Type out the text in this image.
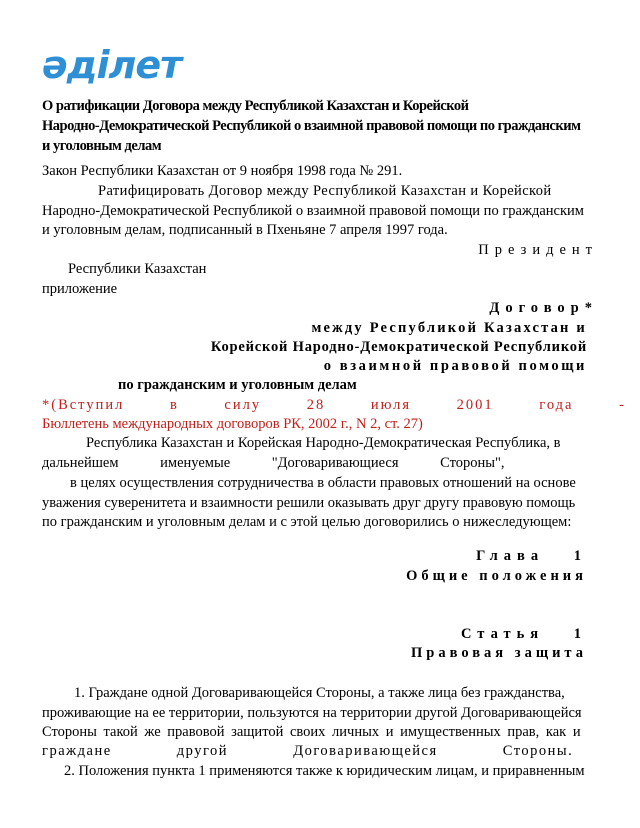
әділет
О ратификации Договора между Республикой Казахстан и Корейской
Народно-Демократической Республикой о взаимной правовой помощи по гражданским
и уголовным делам
Закон Республики Казахстан от 9 ноября 1998 года № 291.
Ратифицировать Договор между Республикой Казахстан и Корейской
Народно-Демократической Республикой о взаимной правовой помощи по гражданским
и уголовным делам, подписанный в Пхеньяне 7 апреля 1997 года.
Президент
Республики Казахстан
приложение
Договор*
между Республикой Казахстан и
Корейской Народно-Демократической Республикой
о взаимной правовой помощи
по гражданским и уголовным делам
*(Вступил в силу 28 июля 2001 года -
Бюллетень международных договоров РК, 2002 г., N 2, ст. 27)
Республика Казахстан и Корейская Народно-Демократическая Республика, в
дальнейшем именуемые "Договаривающиеся Стороны",
в целях осуществления сотрудничества в области правовых отношений на основе
уважения суверенитета и взаимности решили оказывать друг другу правовую помощь
по гражданским и уголовным делам и с этой целью договорились о нижеследующем:
Глава 1
Общие положения
Статья 1
Правовая защита
1. Граждане одной Договаривающейся Стороны, а также лица без гражданства,
проживающие на ее территории, пользуются на территории другой Договаривающейся
Стороны такой же правовой защитой своих личных и имущественных прав, как и
граждане другой Договаривающейся Стороны.
2. Положения пункта 1 применяются также к юридическим лицам, и приравненным
